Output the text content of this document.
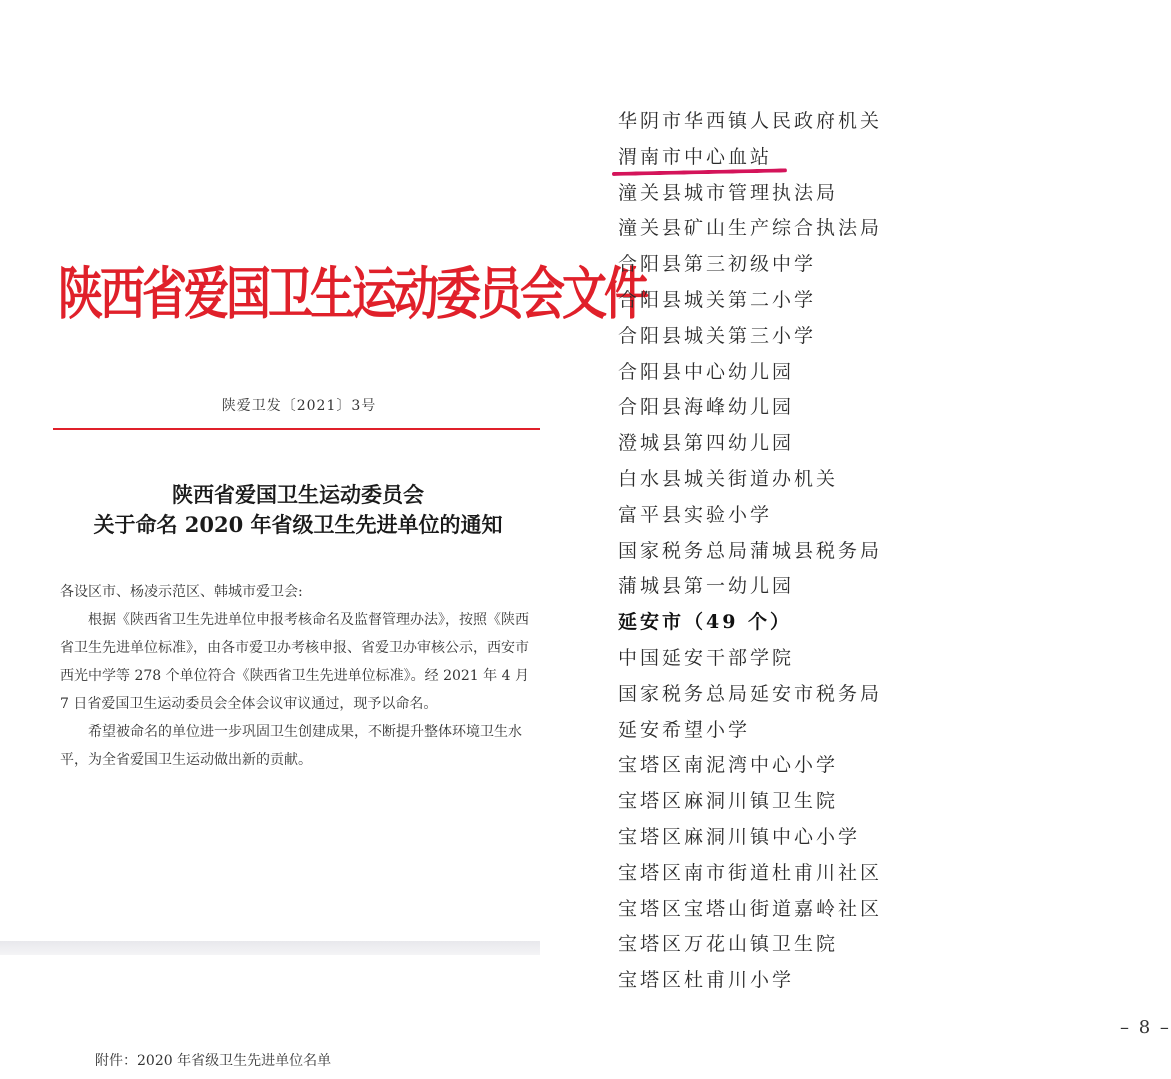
陕西省爱国卫生运动委员会文件
陕爱卫发〔2021〕3号
陕西省爱国卫生运动委员会
关于命名 2020 年省级卫生先进单位的通知

各设区市、杨凌示范区、韩城市爱卫会:

根据《陕西省卫生先进单位申报考核命名及监督管理办法》，按照《陕西省卫生先进单位标准》，由各市爱卫办考核申报、省爱卫办审核公示，西安市西光中学等 278 个单位符合《陕西省卫生先进单位标准》。经 2021 年 4 月 7 日省爱国卫生运动委员会全体会议审议通过，现予以命名。

希望被命名的单位进一步巩固卫生创建成果，不断提升整体环境卫生水平，为全省爱国卫生运动做出新的贡献。

附件：2020 年省级卫生先进单位名单
华阴市华西镇人民政府机关
渭南市中心血站
潼关县城市管理执法局
潼关县矿山生产综合执法局
合阳县第三初级中学
合阳县城关第二小学
合阳县城关第三小学
合阳县中心幼儿园
合阳县海峰幼儿园
澄城县第四幼儿园
白水县城关街道办机关
富平县实验小学
国家税务总局蒲城县税务局
蒲城县第一幼儿园
延安市（49 个）
中国延安干部学院
国家税务总局延安市税务局
延安希望小学
宝塔区南泥湾中心小学
宝塔区麻洞川镇卫生院
宝塔区麻洞川镇中心小学
宝塔区南市街道杜甫川社区
宝塔区宝塔山街道嘉岭社区
宝塔区万花山镇卫生院
宝塔区杜甫川小学
– 8 –
